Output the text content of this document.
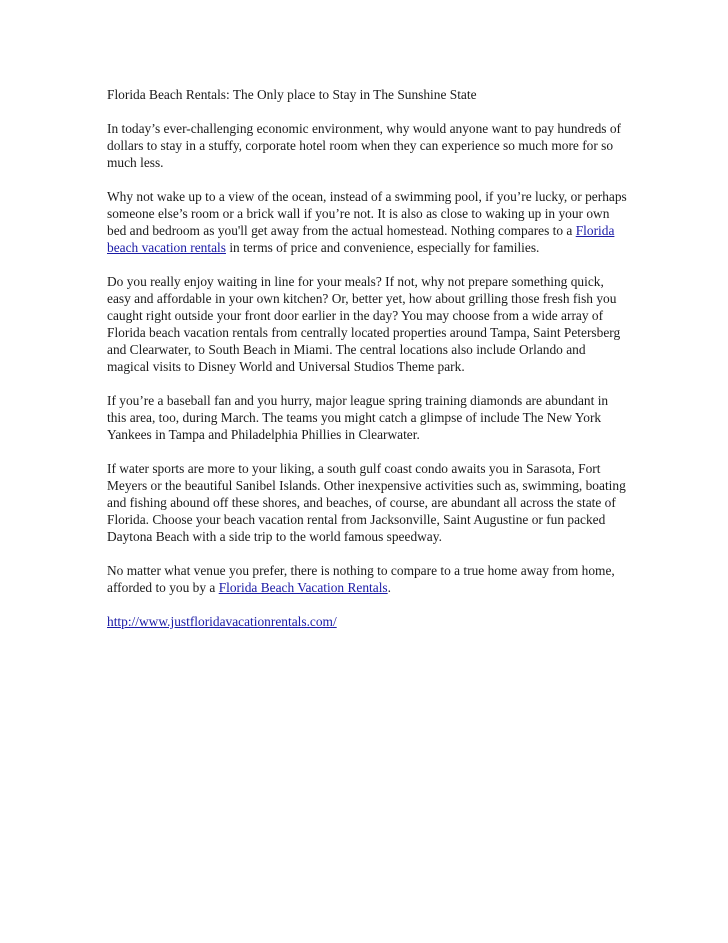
Florida Beach Rentals: The Only place to Stay in The Sunshine State

In today’s ever-challenging economic environment, why would anyone want to pay hundreds of dollars to stay in a stuffy, corporate hotel room when they can experience so much more for so much less.

Why not wake up to a view of the ocean, instead of a swimming pool, if you’re lucky, or perhaps someone else’s room or a brick wall if you’re not. It is also as close to waking up in your own bed and bedroom as you'll get away from the actual homestead. Nothing compares to a Florida beach vacation rentals in terms of price and convenience, especially for families.

Do you really enjoy waiting in line for your meals? If not, why not prepare something quick, easy and affordable in your own kitchen? Or, better yet, how about grilling those fresh fish you caught right outside your front door earlier in the day? You may choose from a wide array of Florida beach vacation rentals from centrally located properties around Tampa, Saint Petersberg and Clearwater, to South Beach in Miami. The central locations also include Orlando and magical visits to Disney World and Universal Studios Theme park.

If you’re a baseball fan and you hurry, major league spring training diamonds are abundant in this area, too, during March. The teams you might catch a glimpse of include The New York Yankees in Tampa and Philadelphia Phillies in Clearwater.

If water sports are more to your liking, a south gulf coast condo awaits you in Sarasota, Fort Meyers or the beautiful Sanibel Islands. Other inexpensive activities such as, swimming, boating and fishing abound off these shores, and beaches, of course, are abundant all across the state of Florida. Choose your beach vacation rental from Jacksonville, Saint Augustine or fun packed Daytona Beach with a side trip to the world famous speedway.

No matter what venue you prefer, there is nothing to compare to a true home away from home, afforded to you by a Florida Beach Vacation Rentals.

http://www.justfloridavacationrentals.com/
